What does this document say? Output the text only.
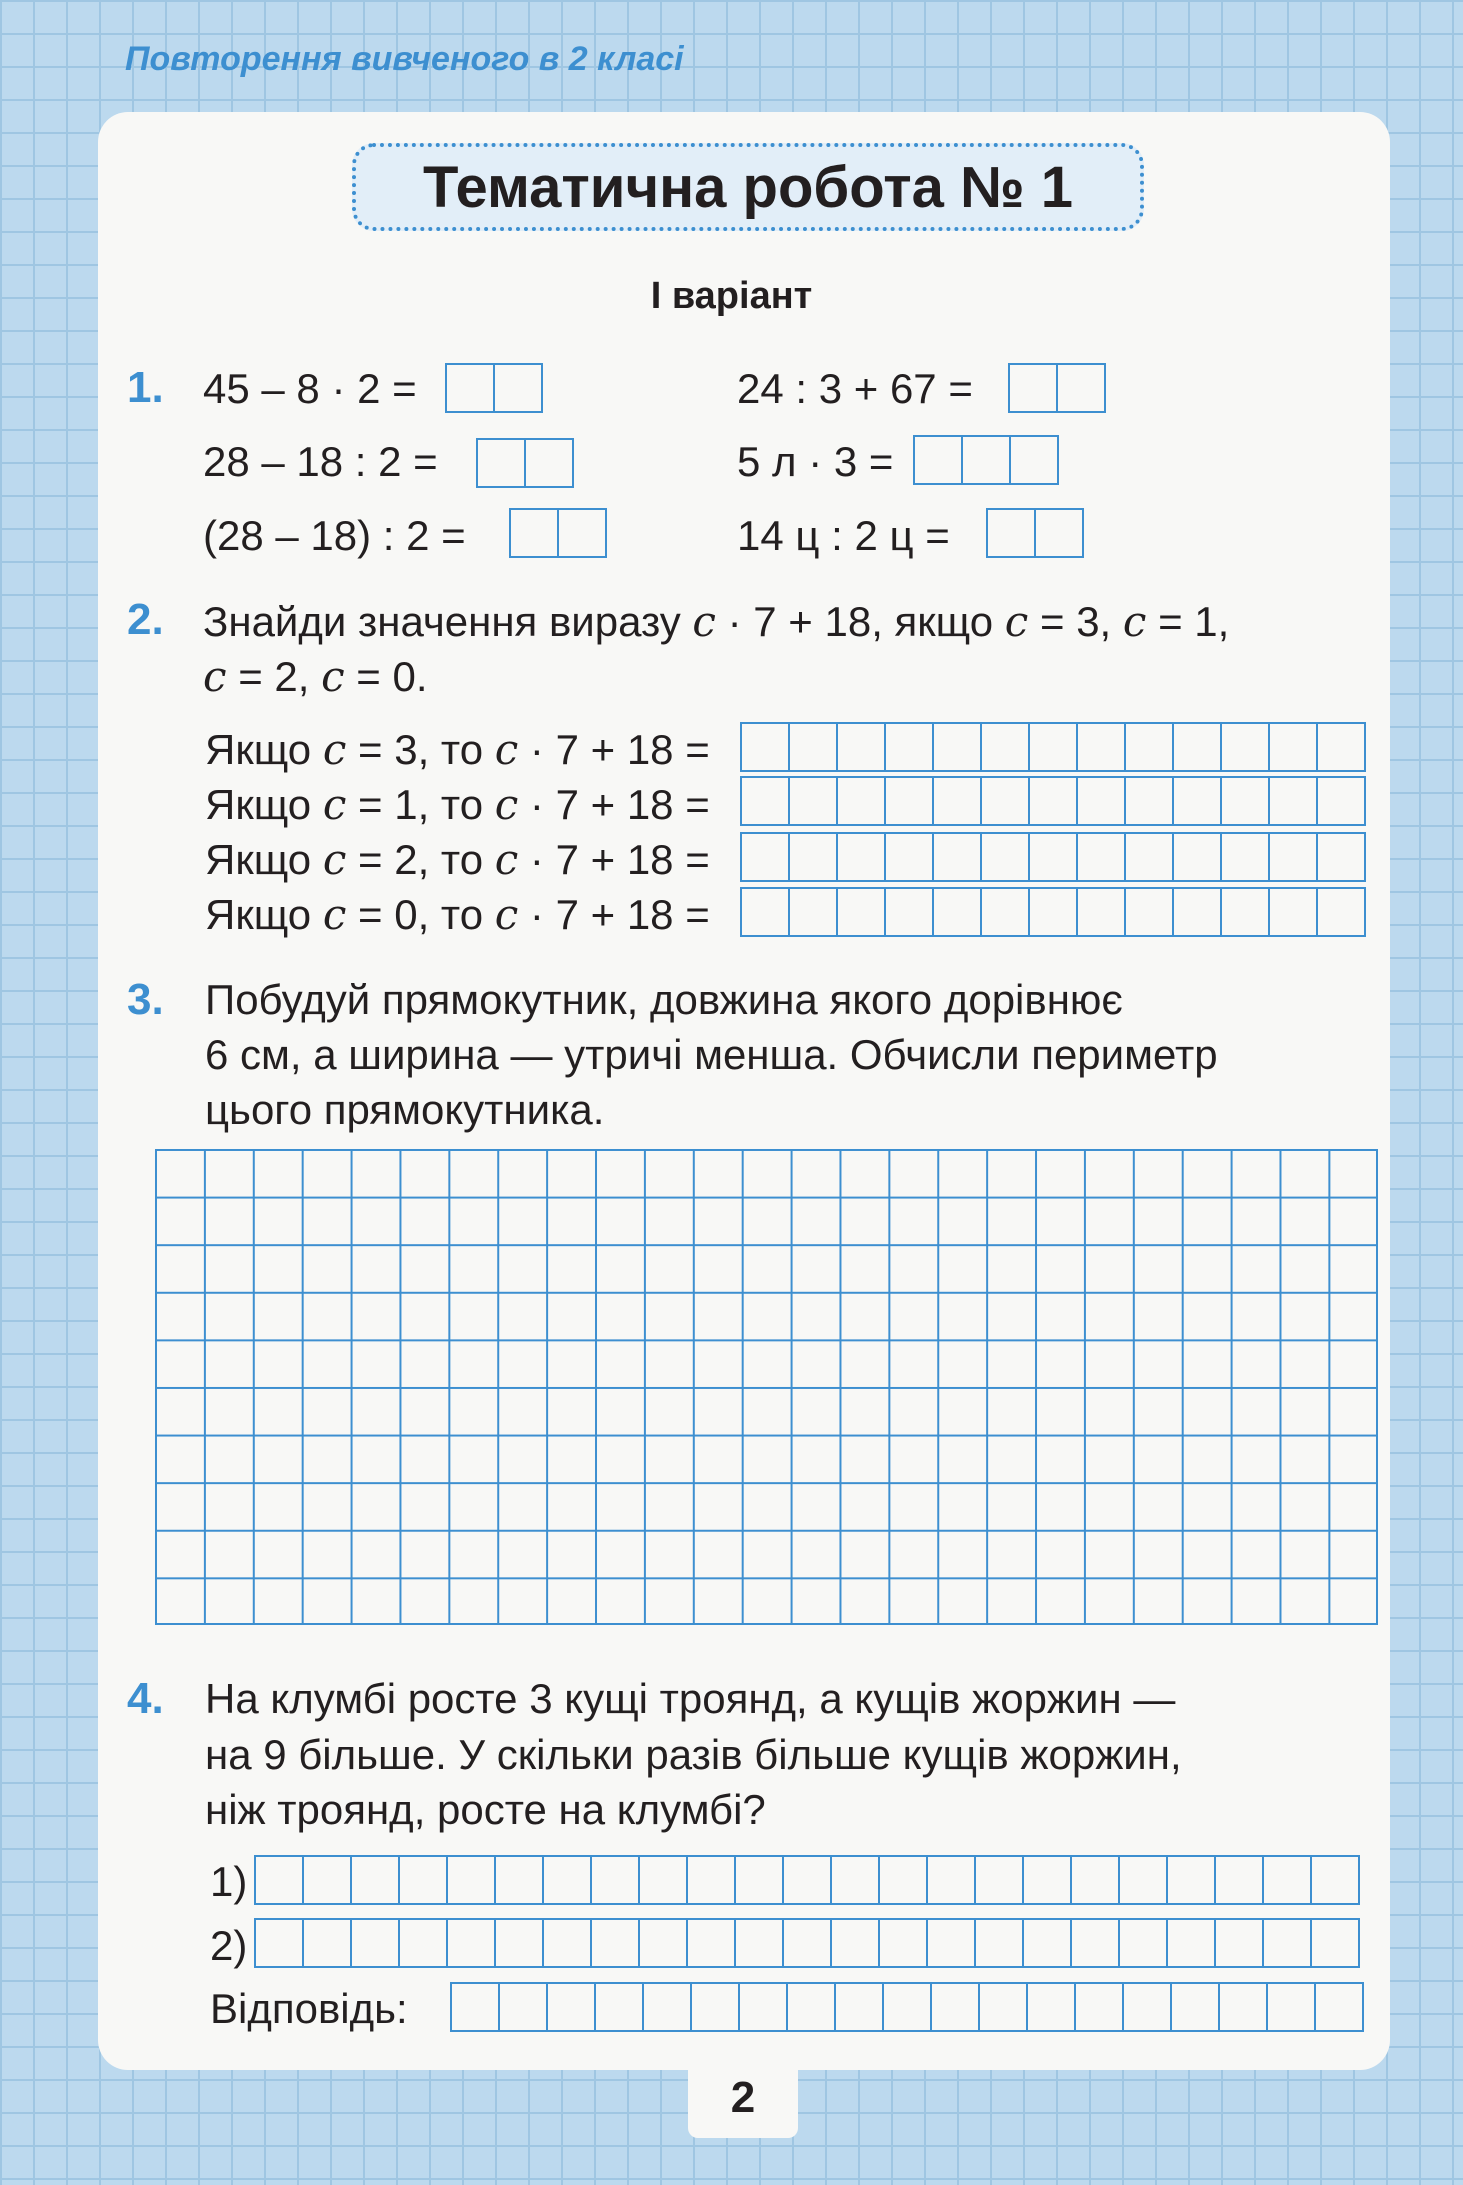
Повторення вивченого в 2 класі
2
Тематична робота № 1
І варіант
1. 45 – 8 · 2 =
28 – 18 : 2 =
(28 – 18) : 2 =
24 : 3 + 67 =
5 л · 3 =
14 ц : 2 ц =
2. Знайди значення виразу c · 7 + 18, якщо c = 3, c = 1,
c = 2, c = 0.
Якщо c = 3, то c · 7 + 18 =
Якщо c = 1, то c · 7 + 18 =
Якщо c = 2, то c · 7 + 18 =
Якщо c = 0, то c · 7 + 18 =
3. Побудуй прямокутник, довжина якого дорівнює
6 см, а ширина — утричі менша. Обчисли периметр
цього прямокутника.
4. На клумбі росте 3 кущі троянд, а кущів жоржин —
на 9 більше. У скільки разів більше кущів жоржин,
ніж троянд, росте на клумбі?
1)
2)
Відповідь:
